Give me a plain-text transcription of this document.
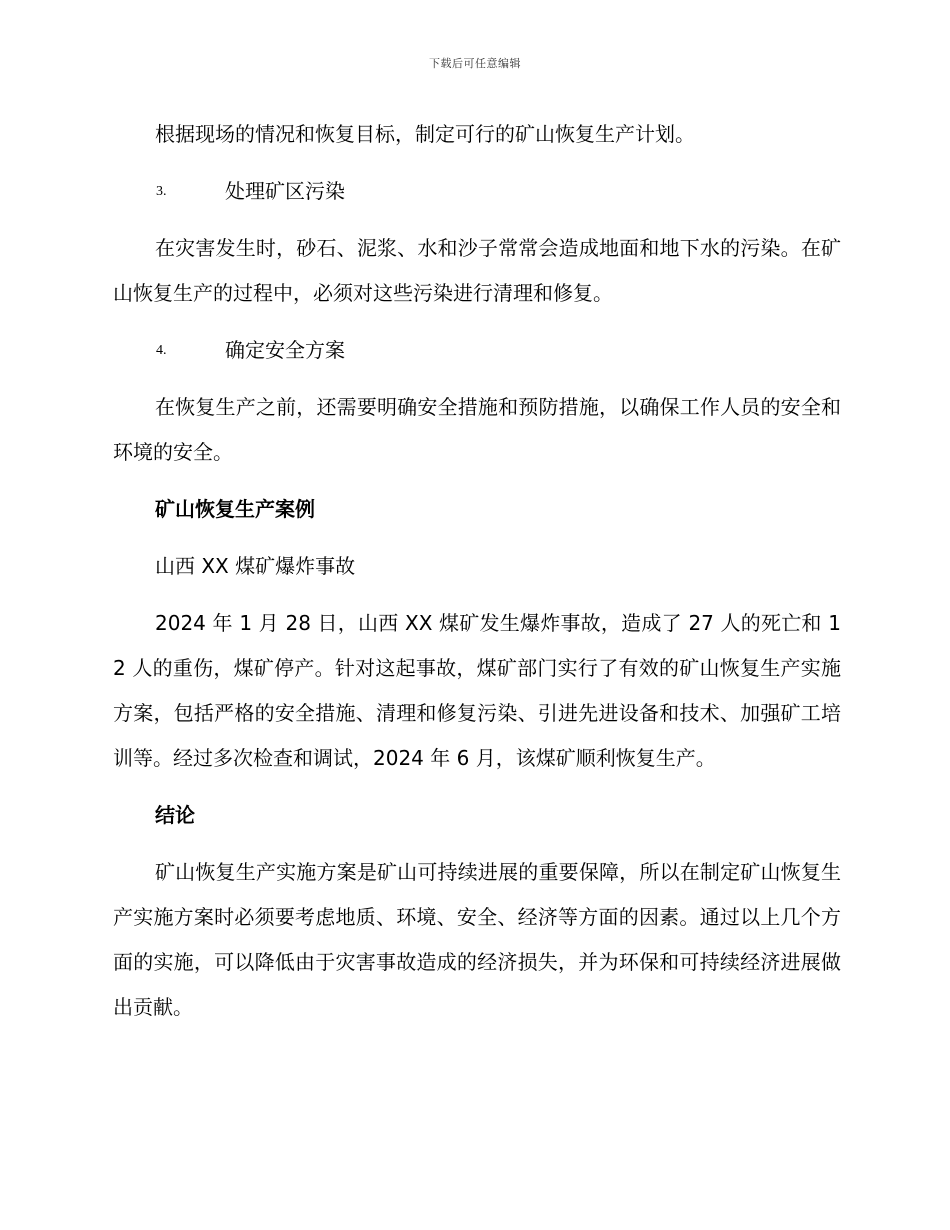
下载后可任意编辑
根据现场的情况和恢复目标，制定可行的矿山恢复生产计划。
3.	处理矿区污染
在灾害发生时，砂石、泥浆、水和沙子常常会造成地面和地下水的污染。在矿山恢复生产的过程中，必须对这些污染进行清理和修复。
4.	确定安全方案
在恢复生产之前，还需要明确安全措施和预防措施，以确保工作人员的安全和环境的安全。
矿山恢复生产案例
山西 XX 煤矿爆炸事故
2024 年 1 月 28 日，山西 XX 煤矿发生爆炸事故，造成了 27 人的死亡和 12 人的重伤，煤矿停产。针对这起事故，煤矿部门实行了有效的矿山恢复生产实施方案，包括严格的安全措施、清理和修复污染、引进先进设备和技术、加强矿工培训等。经过多次检查和调试，2024 年 6 月，该煤矿顺利恢复生产。
结论
矿山恢复生产实施方案是矿山可持续进展的重要保障，所以在制定矿山恢复生产实施方案时必须要考虑地质、环境、安全、经济等方面的因素。通过以上几个方面的实施，可以降低由于灾害事故造成的经济损失，并为环保和可持续经济进展做出贡献。
